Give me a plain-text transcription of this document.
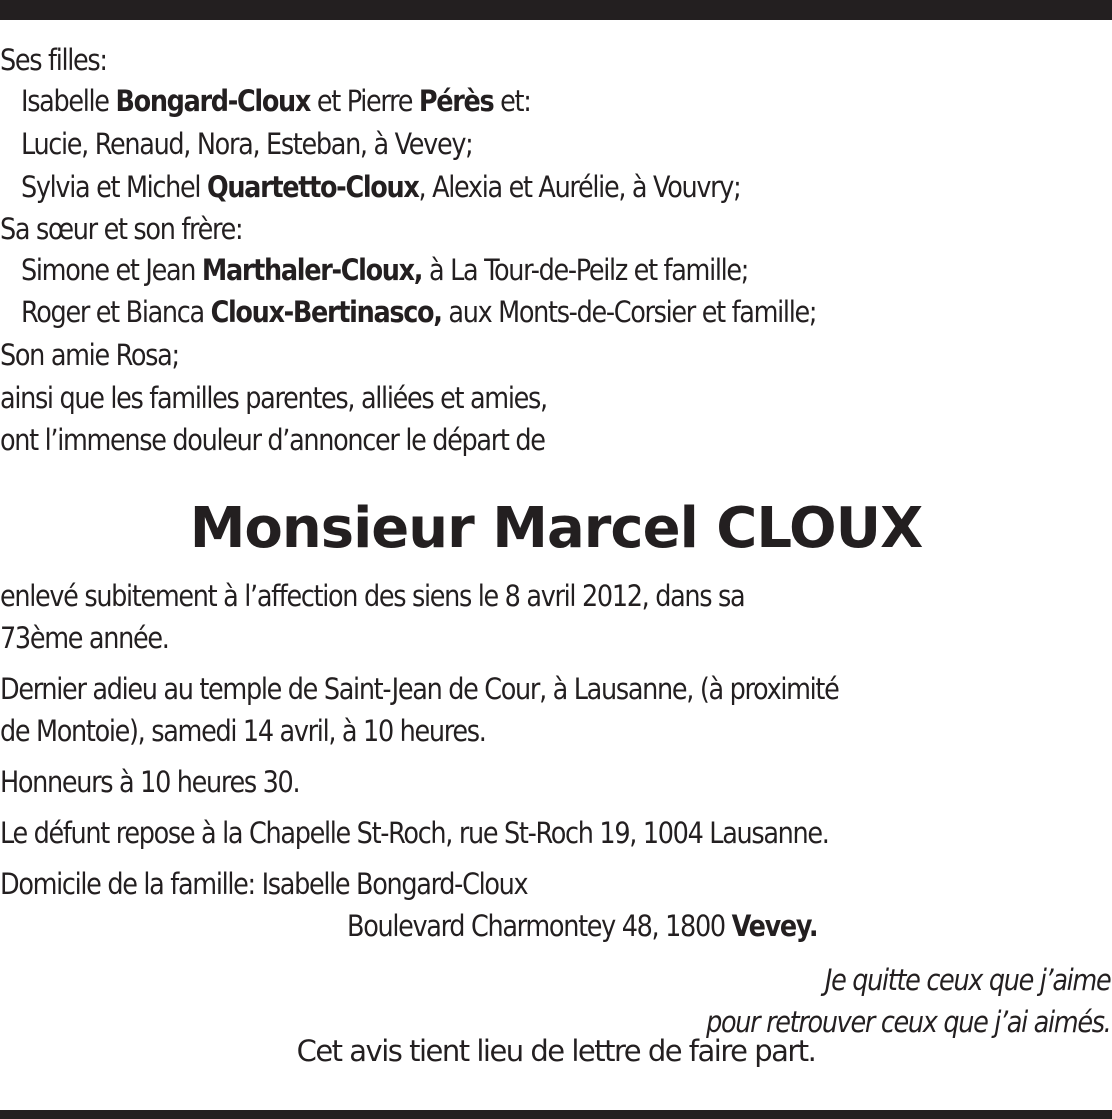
Ses filles:
Isabelle Bongard-Cloux et Pierre Pérès et:
Lucie, Renaud, Nora, Esteban, à Vevey;
Sylvia et Michel Quartetto-Cloux, Alexia et Aurélie, à Vouvry;
Sa sœur et son frère:
Simone et Jean Marthaler-Cloux, à La Tour-de-Peilz et famille;
Roger et Bianca Cloux-Bertinasco, aux Monts-de-Corsier et famille;
Son amie Rosa;
ainsi que les familles parentes, alliées et amies,
ont l’immense douleur d’annoncer le départ de
Monsieur Marcel CLOUX
enlevé subitement à l’affection des siens le 8 avril 2012, dans sa
73ème année.
Dernier adieu au temple de Saint-Jean de Cour, à Lausanne, (à proximité
de Montoie), samedi 14 avril, à 10 heures.
Honneurs à 10 heures 30.
Le défunt repose à la Chapelle St-Roch, rue St-Roch 19, 1004 Lausanne.
Domicile de la famille: Isabelle Bongard-Cloux
Boulevard Charmontey 48, 1800 Vevey.
Je quitte ceux que j’aime
pour retrouver ceux que j’ai aimés.
Cet avis tient lieu de lettre de faire part.
